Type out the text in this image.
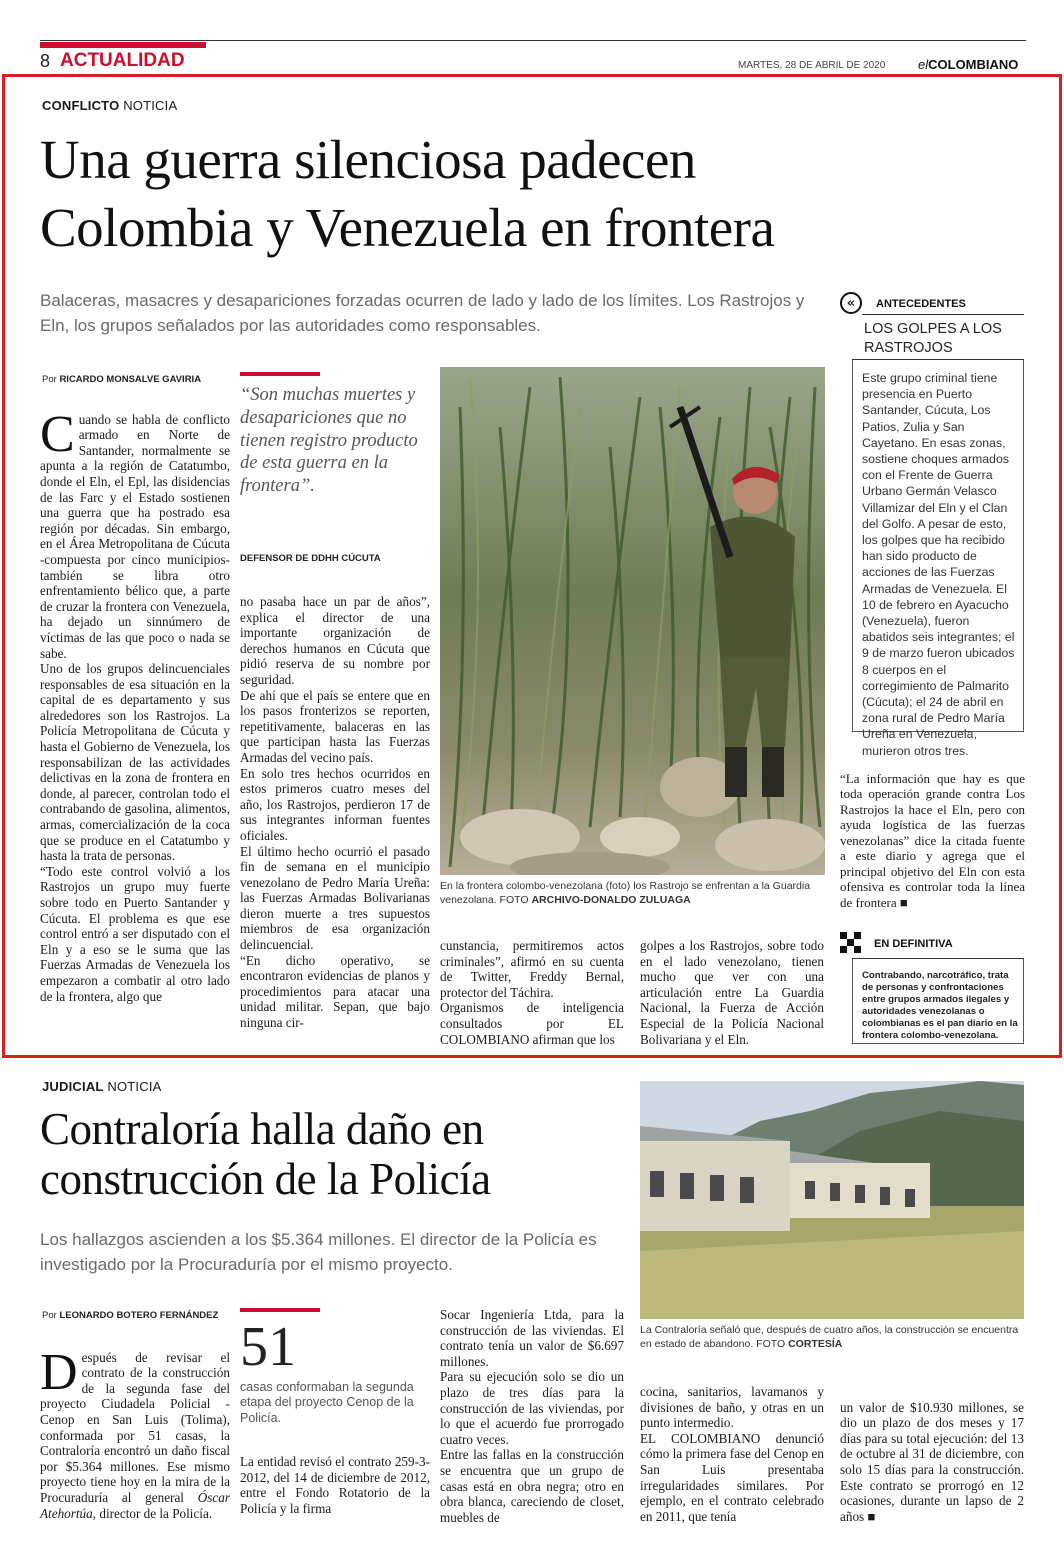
8 ACTUALIDAD	MARTES, 28 DE ABRIL DE 2020	elCOLOMBIANO
CONFLICTO NOTICIA
Una guerra silenciosa padecen
Colombia y Venezuela en frontera
Balaceras, masacres y desapariciones forzadas ocurren de lado y lado de los límites. Los Rastrojos y Eln, los grupos señalados por las autoridades como responsables.
Por RICARDO MONSALVE GAVIRIA

Cuando se habla de conflicto armado en Norte de Santander, normalmente se apunta a la región de Catatumbo, donde el Eln, el Epl, las disidencias de las Farc y el Estado sostienen una guerra que ha postrado esa región por décadas. Sin embargo, en el Área Metropolitana de Cúcuta -compuesta por cinco municipios- también se libra otro enfrentamiento bélico que, a parte de cruzar la frontera con Venezuela, ha dejado un sinnúmero de víctimas de las que poco o nada se sabe.

Uno de los grupos delincuenciales responsables de esa situación en la capital de es departamento y sus alrededores son los Rastrojos. La Policía Metropolitana de Cúcuta y hasta el Gobierno de Venezuela, los responsabilizan de las actividades delictivas en la zona de frontera en donde, al parecer, controlan todo el contrabando de gasolina, alimentos, armas, comercialización de la coca que se produce en el Catatumbo y hasta la trata de personas.
“Todo este control volvió a los Rastrojos un grupo muy fuerte sobre todo en Puerto Santander y Cúcuta. El problema es que ese control entró a ser disputado con el Eln y a eso se le suma que las Fuerzas Armadas de Venezuela los empezaron a combatir al otro lado de la frontera, algo que

“Son muchas muertes y desapariciones que no tienen registro producto de esta guerra en la frontera”.
DEFENSOR DE DDHH CÚCUTA
no pasaba hace un par de años”, explica el director de una importante organización de derechos humanos en Cúcuta que pidió reserva de su nombre por seguridad.
De ahí que el país se entere que en los pasos fronterizos se reporten, repetitivamente, balaceras en las que participan hasta las Fuerzas Armadas del vecino país.
En solo tres hechos ocurridos en estos primeros cuatro meses del año, los Rastrojos, perdieron 17 de sus integrantes informan fuentes oficiales.
El último hecho ocurrió el pasado fin de semana en el municipio venezolano de Pedro María Ureña: las Fuerzas Armadas Bolivarianas dieron muerte a tres supuestos miembros de esa organización delincuencial.
“En dicho operativo, se encontraron evidencias de planos y procedimientos para atacar una unidad militar. Sepan, que bajo ninguna cir-
En la frontera colombo-venezolana (foto) los Rastrojo se enfrentan a la Guardia venezolana. FOTO ARCHIVO-DONALDO ZULUAGA
cunstancia, permitiremos actos criminales”, afirmó en su cuenta de Twitter, Freddy Bernal, protector del Táchira.
Organismos de inteligencia consultados por EL COLOMBIANO afirman que los
golpes a los Rastrojos, sobre todo en el lado venezolano, tienen mucho que ver con una articulación entre La Guardia Nacional, la Fuerza de Acción Especial de la Policía Nacional Bolivariana y el Eln.
« ANTECEDENTES
LOS GOLPES A LOS RASTROJOS
Este grupo criminal tiene presencia en Puerto Santander, Cúcuta, Los Patios, Zulia y San Cayetano. En esas zonas, sostiene choques armados con el Frente de Guerra Urbano Germán Velasco Villamizar del Eln y el Clan del Golfo. A pesar de esto, los golpes que ha recibido han sido producto de acciones de las Fuerzas Armadas de Venezuela. El 10 de febrero en Ayacucho (Venezuela), fueron abatidos seis integrantes; el 9 de marzo fueron ubicados 8 cuerpos en el corregimiento de Palmarito (Cúcuta); el 24 de abril en zona rural de Pedro María Ureña en Venezuela, murieron otros tres.

“La información que hay es que toda operación grande contra Los Rastrojos la hace el Eln, pero con ayuda logística de las fuerzas venezolanas” dice la citada fuente a este diario y agrega que el principal objetivo del Eln con esta ofensiva es controlar toda la línea de frontera ■

EN DEFINITIVA
Contrabando, narcotráfico, trata de personas y confrontaciones entre grupos armados ilegales y autoridades venezolanas o colombianas es el pan diario en la frontera colombo-venezolana.
JUDICIAL NOTICIA
Contraloría halla daño en
construcción de la Policía
Los hallazgos ascienden a los $5.364 millones. El director de la Policía es investigado por la Procuraduría por el mismo proyecto.
La Contraloría señaló que, después de cuatro años, la construcción se encuentra en estado de abandono. FOTO CORTESÍA
Por LEONARDO BOTERO FERNÁNDEZ

Después de revisar el contrato de la construcción de la segunda fase del proyecto Ciudadela Policial - Cenop en San Luis (Tolima), conformada por 51 casas, la Contraloría encontró un daño fiscal por $5.364 millones. Ese mismo proyecto tiene hoy en la mira de la Procuraduría al general Óscar Atehortúa, director de la Policía.

51
casas conformaban la segunda etapa del proyecto Cenop de la Policía.
La entidad revisó el contrato 259-3-2012, del 14 de diciembre de 2012, entre el Fondo Rotatorio de la Policía y la firma
Socar Ingeniería Ltda, para la construcción de las viviendas. El contrato tenía un valor de $6.697 millones.
Para su ejecución solo se dio un plazo de tres días para la construcción de las viviendas, por lo que el acuerdo fue prorrogado cuatro veces.
Entre las fallas en la construcción se encuentra que un grupo de casas está en obra negra; otro en obra blanca, careciendo de closet, muebles de
cocina, sanitarios, lavamanos y divisiones de baño, y otras en un punto intermedio.
EL COLOMBIANO denunció cómo la primera fase del Cenop en San Luis presentaba irregularidades similares. Por ejemplo, en el contrato celebrado en 2011, que tenía

un valor de $10.930 millones, se dio un plazo de dos meses y 17 días para su total ejecución: del 13 de octubre al 31 de diciembre, con solo 15 días para la construcción. Este contrato se prorrogó en 12 ocasiones, durante un lapso de 2 años ■
